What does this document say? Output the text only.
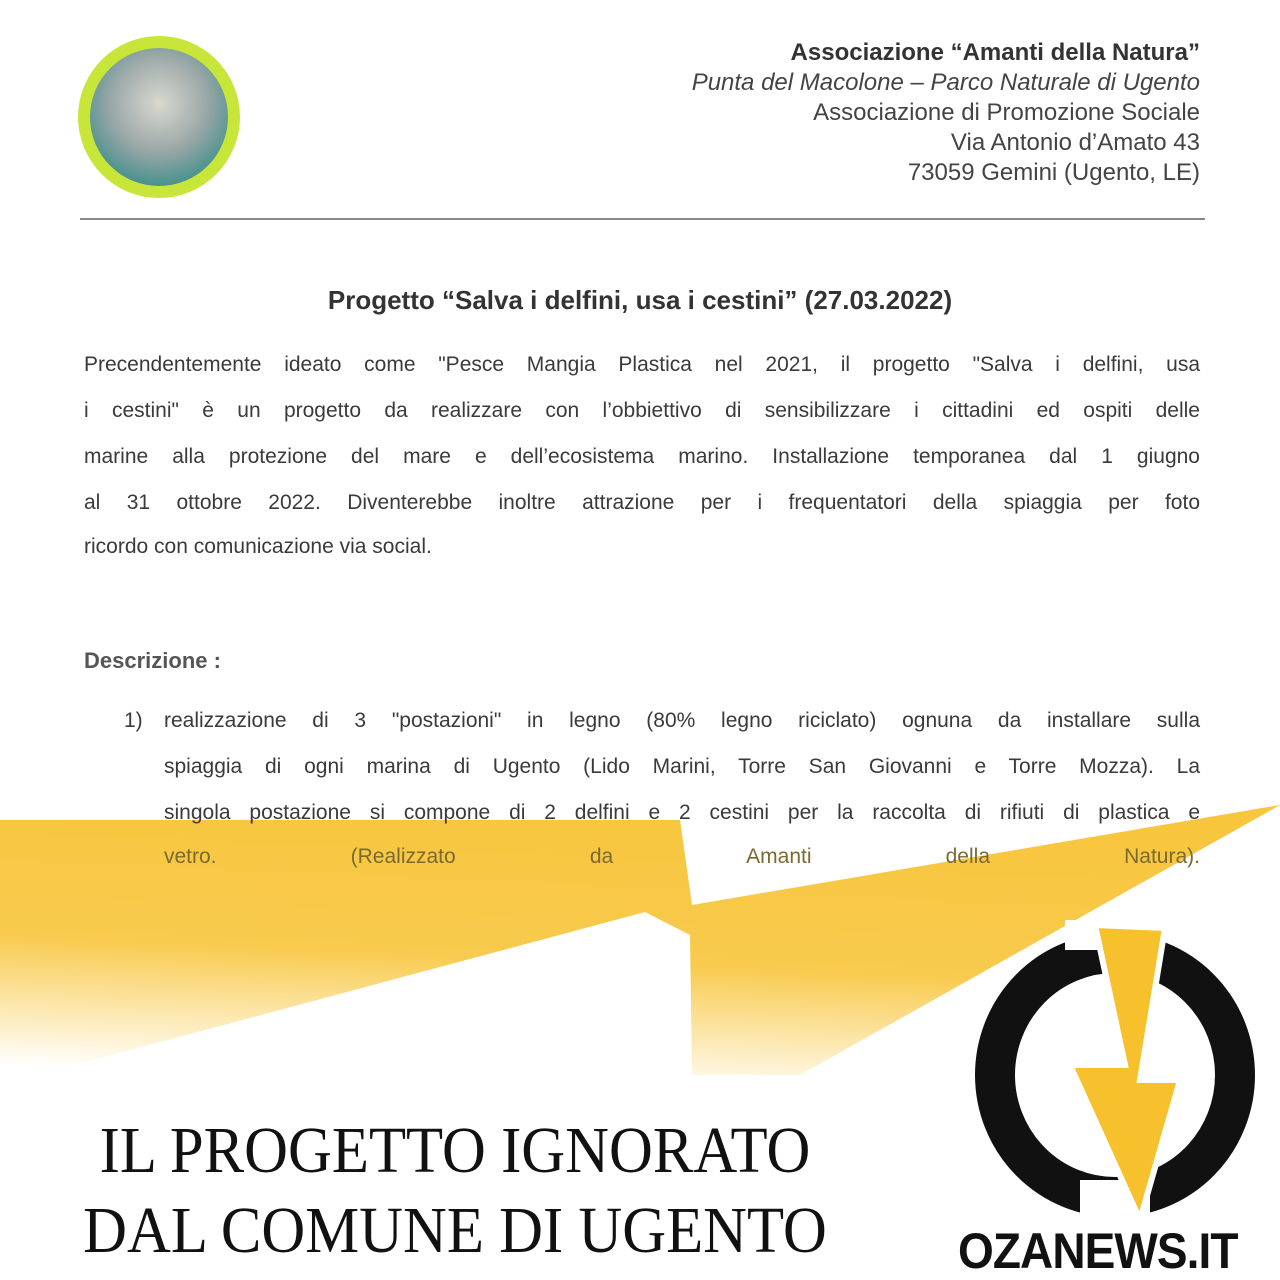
Associazione “Amanti della Natura”
Punta del Macolone – Parco Naturale di Ugento
Associazione di Promozione Sociale
Via Antonio d’Amato 43
73059 Gemini (Ugento, LE)
Progetto “Salva i delfini, usa i cestini” (27.03.2022)
Precendentemente ideato come "Pesce Mangia Plastica nel 2021, il progetto "Salva i delfini, usa
i cestini" è un progetto da realizzare con l’obbiettivo di sensibilizzare i cittadini ed ospiti delle
marine alla protezione del mare e dell’ecosistema marino. Installazione temporanea dal 1 giugno
al 31 ottobre 2022. Diventerebbe inoltre attrazione per i frequentatori della spiaggia per foto
ricordo con comunicazione via social.
Descrizione :
1) realizzazione di 3 "postazioni" in legno (80% legno riciclato) ognuna da installare sulla
spiaggia di ogni marina di Ugento (Lido Marini, Torre San Giovanni e Torre Mozza). La
singola postazione si compone di 2 delfini e 2 cestini per la raccolta di rifiuti di plastica e
vetro. (Realizzato da Amanti della Natura).
IL PROGETTO IGNORATO
DAL COMUNE DI UGENTO	OZANEWS.IT
